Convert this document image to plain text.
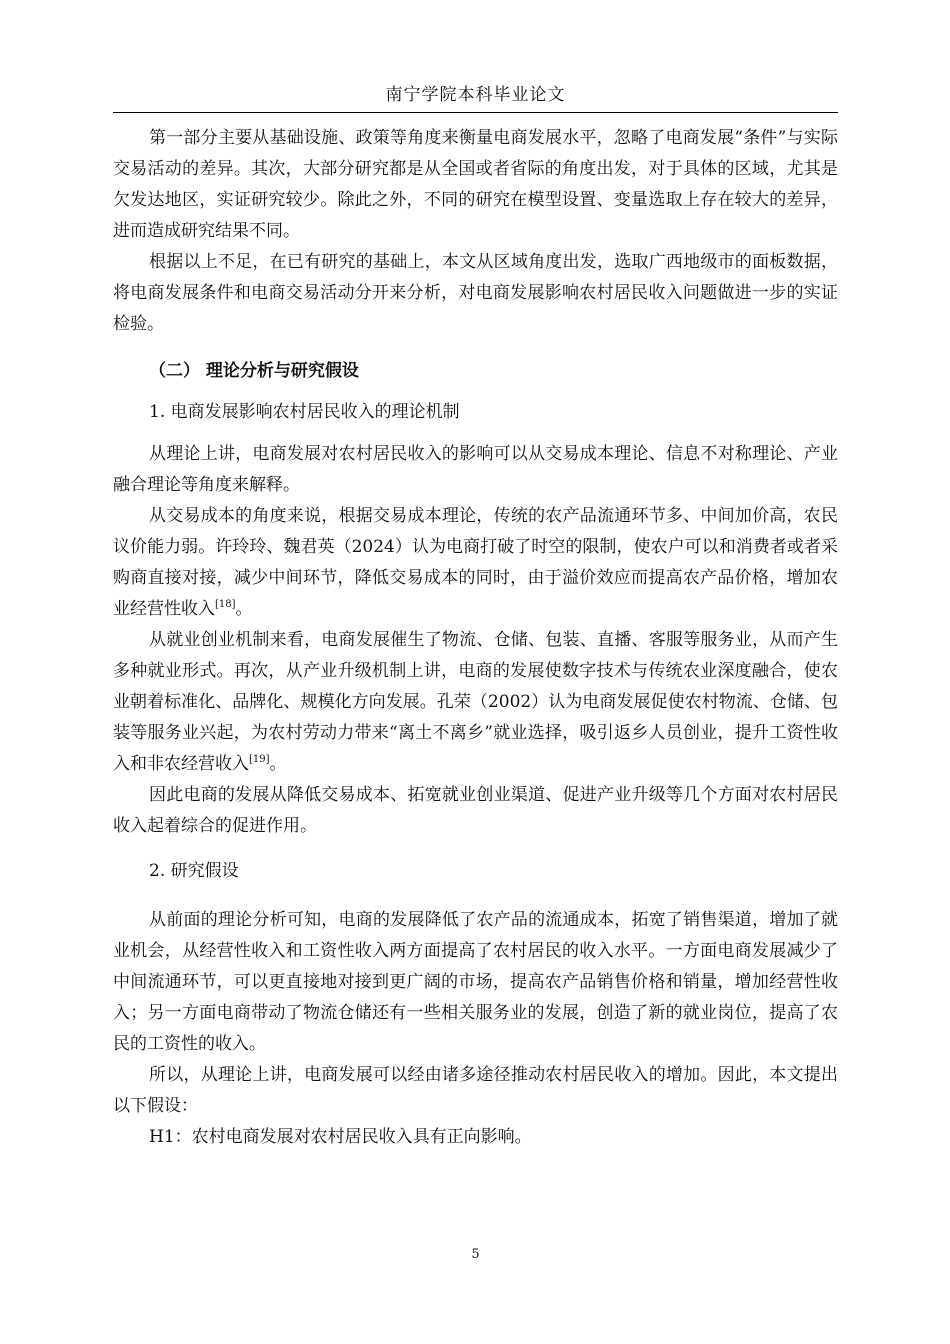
南宁学院本科毕业论文

第一部分主要从基础设施、政策等角度来衡量电商发展水平，忽略了电商发展“条件”与实际交易活动的差异。其次，大部分研究都是从全国或者省际的角度出发，对于具体的区域，尤其是欠发达地区，实证研究较少。除此之外，不同的研究在模型设置、变量选取上存在较大的差异，进而造成研究结果不同。

根据以上不足，在已有研究的基础上，本文从区域角度出发，选取广西地级市的面板数据，将电商发展条件和电商交易活动分开来分析，对电商发展影响农村居民收入问题做进一步的实证检验。

（二） 理论分析与研究假设
1. 电商发展影响农村居民收入的理论机制

从理论上讲，电商发展对农村居民收入的影响可以从交易成本理论、信息不对称理论、产业融合理论等角度来解释。

从交易成本的角度来说，根据交易成本理论，传统的农产品流通环节多、中间加价高，农民议价能力弱。许玲玲、魏君英（2024）认为电商打破了时空的限制，使农户可以和消费者或者采购商直接对接，减少中间环节，降低交易成本的同时，由于溢价效应而提高农产品价格，增加农业经营性收入[18]。

从就业创业机制来看，电商发展催生了物流、仓储、包装、直播、客服等服务业，从而产生多种就业形式。再次，从产业升级机制上讲，电商的发展使数字技术与传统农业深度融合，使农业朝着标准化、品牌化、规模化方向发展。孔荣（2002）认为电商发展促使农村物流、仓储、包装等服务业兴起，为农村劳动力带来“离土不离乡”就业选择，吸引返乡人员创业，提升工资性收入和非农经营收入[19]。

因此电商的发展从降低交易成本、拓宽就业创业渠道、促进产业升级等几个方面对农村居民收入起着综合的促进作用。

2. 研究假设

从前面的理论分析可知，电商的发展降低了农产品的流通成本，拓宽了销售渠道，增加了就业机会，从经营性收入和工资性收入两方面提高了农村居民的收入水平。一方面电商发展减少了中间流通环节，可以更直接地对接到更广阔的市场，提高农产品销售价格和销量，增加经营性收入；另一方面电商带动了物流仓储还有一些相关服务业的发展，创造了新的就业岗位，提高了农民的工资性的收入。

所以，从理论上讲，电商发展可以经由诸多途径推动农村居民收入的增加。因此，本文提出以下假设：

H1：农村电商发展对农村居民收入具有正向影响。

5
